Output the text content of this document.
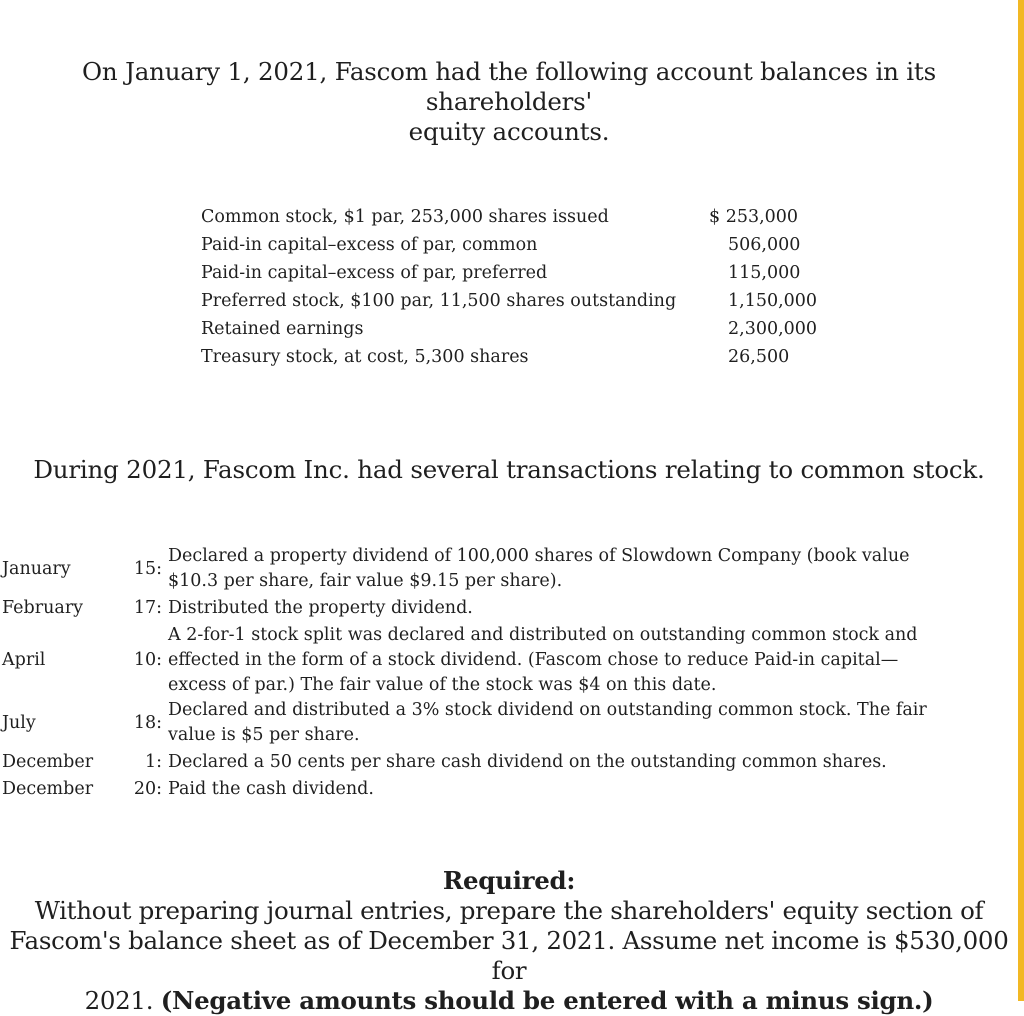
On January 1, 2021, Fascom had the following account balances in its shareholders'
equity accounts.
Common stock, $1 par, 253,000 shares issued	$ 253,000
Paid-in capital–excess of par, common	506,000
Paid-in capital–excess of par, preferred	115,000
Preferred stock, $100 par, 11,500 shares outstanding	1,150,000
Retained earnings	2,300,000
Treasury stock, at cost, 5,300 shares	26,500
During 2021, Fascom Inc. had several transactions relating to common stock.
January	15:	Declared a property dividend of 100,000 shares of Slowdown Company (book value
$10.3 per share, fair value $9.15 per share).

February	17:	Distributed the property dividend.

April	10:	A 2-for-1 stock split was declared and distributed on outstanding common stock and
effected in the form of a stock dividend. (Fascom chose to reduce Paid-in capital—
excess of par.) The fair value of the stock was $4 on this date.

July	18:	Declared and distributed a 3% stock dividend on outstanding common stock. The fair
value is $5 per share.

December	1:	Declared a 50 cents per share cash dividend on the outstanding common shares.

December	20:	Paid the cash dividend.
Required:
Without preparing journal entries, prepare the shareholders' equity section of
Fascom's balance sheet as of December 31, 2021. Assume net income is $530,000 for
2021. (Negative amounts should be entered with a minus sign.)
